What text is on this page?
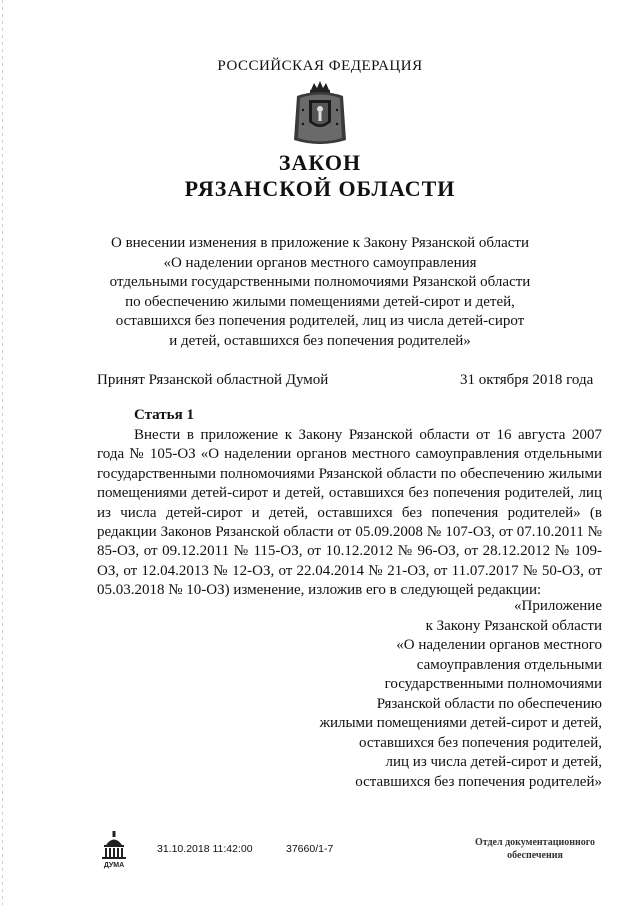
РОССИЙСКАЯ ФЕДЕРАЦИЯ
ЗАКОН
РЯЗАНСКОЙ ОБЛАСТИ
О внесении изменения в приложение к Закону Рязанской области
«О наделении органов местного самоуправления
отдельными государственными полномочиями Рязанской области
по обеспечению жилыми помещениями детей-сирот и детей,
оставшихся без попечения родителей, лиц из числа детей-сирот
и детей, оставшихся без попечения родителей»
Принят Рязанской областной Думой	31 октября 2018 года
Статья 1
Внести в приложение к Закону Рязанской области от 16 августа 2007 года № 105-ОЗ «О наделении органов местного самоуправления отдельными государственными полномочиями Рязанской области по обеспечению жилыми помещениями детей-сирот и детей, оставшихся без попечения родителей, лиц из числа детей-сирот и детей, оставшихся без попечения родителей» (в редакции Законов Рязанской области от 05.09.2008 № 107-ОЗ, от 07.10.2011 № 85-ОЗ, от 09.12.2011 № 115-ОЗ, от 10.12.2012 № 96-ОЗ, от 28.12.2012 № 109-ОЗ, от 12.04.2013 № 12-ОЗ, от 22.04.2014 № 21-ОЗ, от 11.07.2017 № 50-ОЗ, от 05.03.2018 № 10-ОЗ) изменение, изложив его в следующей редакции:
«Приложение
к Закону Рязанской области
«О наделении органов местного
самоуправления отдельными
государственными полномочиями
Рязанской области по обеспечению
жилыми помещениями детей-сирот и детей,
оставшихся без попечения родителей,
лиц из числа детей-сирот и детей,
оставшихся без попечения родителей»
ДУМА
31.10.2018 11:42:00	37660/1-7
Отдел документационного
обеспечения
